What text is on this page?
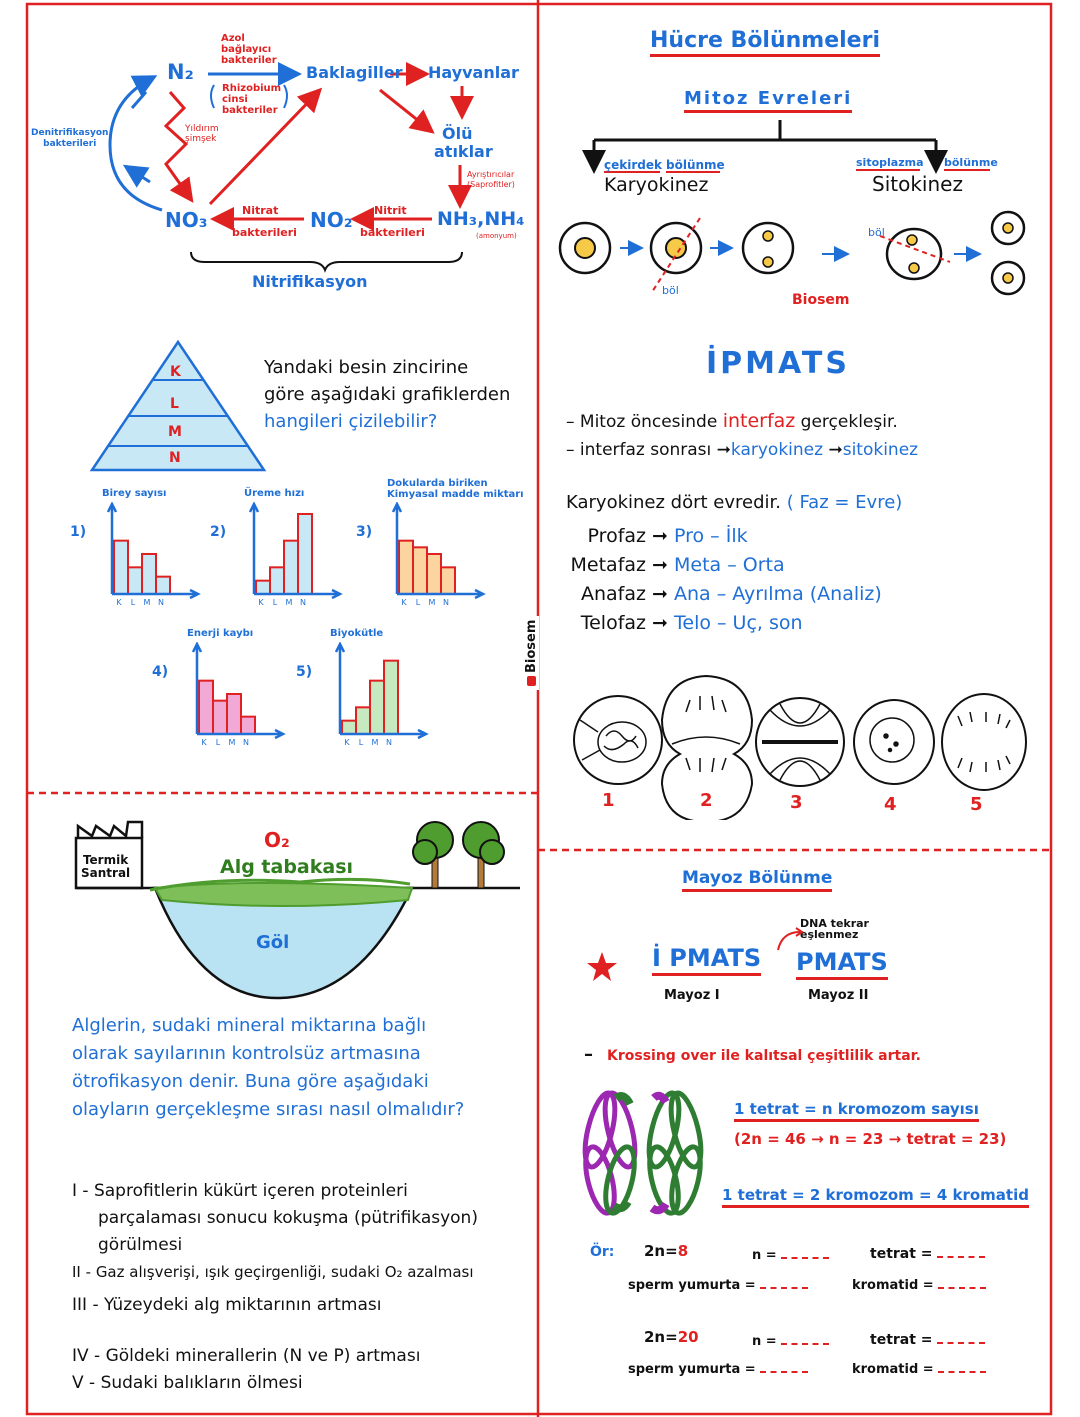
N₂
Azol
bağlayıcı
bakteriler
Rhizobium
cinsi
bakteriler
Baklagiller Hayvanlar
Ölü
atıklar
Ayrıştırıcılar
(Saprofitler)
NH₃,NH₄
(amonyum)
NO₂
NO₃	Nitrit
bakterileri
Nitrat
bakterileri
Yıldırım
şimşek
Denitrifikasyon
bakterileri
Nitrifikasyon
K
L
M
N
Yandaki besin zincirine
göre aşağıdaki grafiklerden
hangileri çizilebilir?
K L M N
1)
Birey sayısı
K L M N
2)
Üreme hızı
K L M N
3)
Dokularda biriken
Kimyasal madde miktarı
K L M N
4)
Enerji kaybı
K L M N
5)
Biyokütle
Termik
Santral
O₂
Alg tabakası
Göl
Alglerin, sudaki mineral miktarına bağlı
olarak sayılarının kontrolsüz artmasına
ötrofikasyon denir. Buna göre aşağıdaki
olayların gerçekleşme sırası nasıl olmalıdır?
I - Saprofitlerin kükürt içeren proteinleri
parçalaması sonucu kokuşma (pütrifikasyon)
görülmesi
II - Gaz alışverişi, ışık geçirgenliği, sudaki O₂ azalması
III - Yüzeydeki alg miktarının artması
IV - Göldeki minerallerin (N ve P) artması
V - Sudaki balıkların ölmesi
Biosem
Hücre Bölünmeleri
Mitoz Evreleri
çekirdek bölünme
Karyokinez
sitoplazma bölünme
Sitokinez
böl
böl
Biosem
İPMATS
– Mitoz öncesinde interfaz gerçekleşir.
– interfaz sonrası ➞karyokinez ➞sitokinez
Karyokinez dört evredir. ( Faz = Evre)
Profaz ➞ Pro – İlk
Metafaz ➞ Meta – Orta
Anafaz ➞ Ana – Ayrılma (Analiz)
Telofaz ➞ Telo – Uç, son
1	2	3	4	5
Mayoz Bölünme
DNA tekrar
eşlenmez
İ PMATS PMATS
Mayoz I	Mayoz II
– Krossing over ile kalıtsal çeşitlilik artar.
1 tetrat = n kromozom sayısı
(2n = 46 → n = 23 → tetrat = 23)
1 tetrat = 2 kromozom = 4 kromatid
Ör: 2n=8	n =	tetrat =
sperm yumurta =	kromatid =
2n=20	n =	tetrat =
sperm yumurta =	kromatid =
